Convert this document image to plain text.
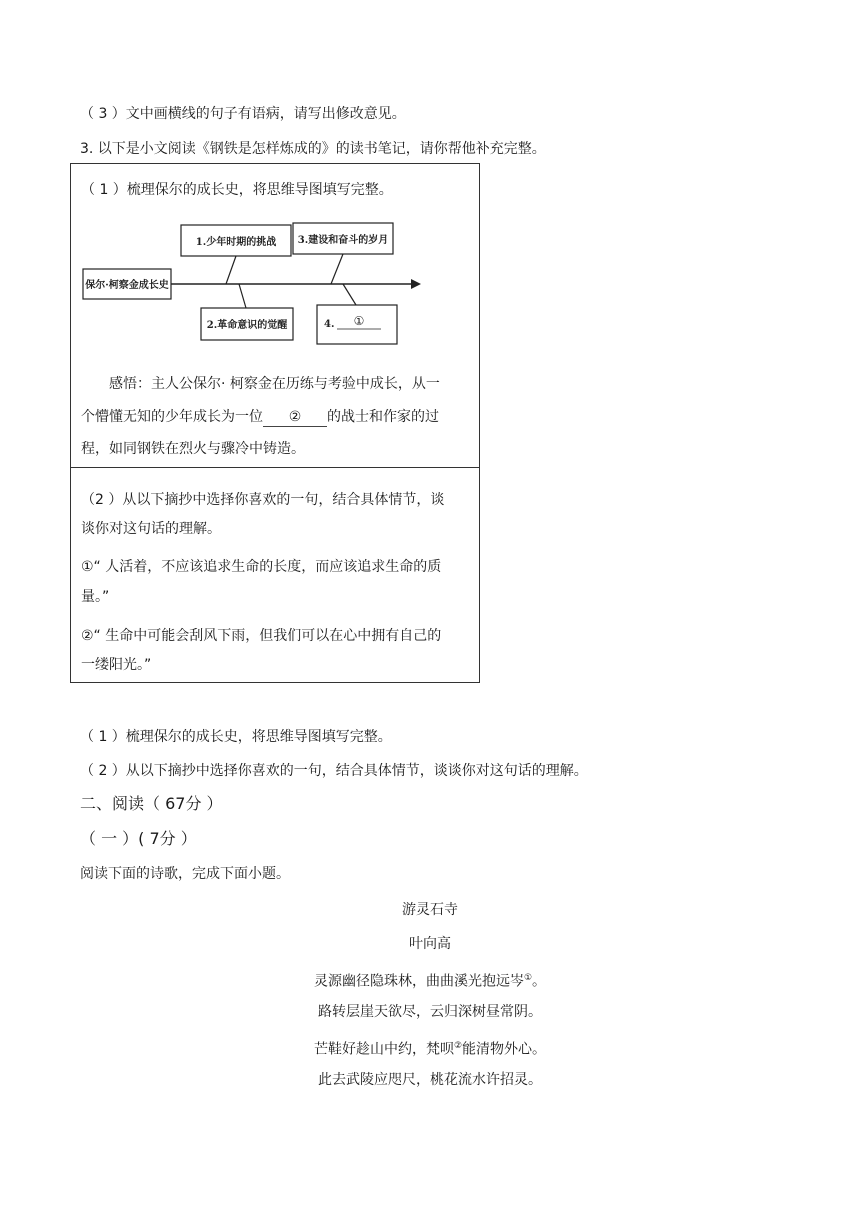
（ 3 ）文中画横线的句子有语病，请写出修改意见。
3. 以下是小文阅读《钢铁是怎样炼成的》的读书笔记，请你帮他补充完整。
（ 1 ）梳理保尔的成长史，将思维导图填写完整。
保尔·柯察金成长史
1.少年时期的挑战 3.建设和奋斗的岁月
2.革命意识的觉醒	4. ①
感悟：主人公保尔· 柯察金在历练与考验中成长，从一
个懵懂无知的少年成长为一位 ② 的战士和作家的过
程，如同钢铁在烈火与骤冷中铸造。
（2 ）从以下摘抄中选择你喜欢的一句，结合具体情节，谈
谈你对这句话的理解。
①“ 人活着，不应该追求生命的长度，而应该追求生命的质
量。”
②“ 生命中可能会刮风下雨，但我们可以在心中拥有自己的
一缕阳光。”
（ 1 ）梳理保尔的成长史，将思维导图填写完整。
（ 2 ）从以下摘抄中选择你喜欢的一句，结合具体情节，谈谈你对这句话的理解。
二、阅读（ 67分 ）
（ 一 ）( 7分 ）
阅读下面的诗歌，完成下面小题。
游灵石寺
叶向高
灵源幽径隐珠林，曲曲溪光抱远岑①。
路转层崖天欲尽，云归深树昼常阴。
芒鞋好趁山中约，梵呗②能清物外心。
此去武陵应咫尺，桃花流水许招灵。
